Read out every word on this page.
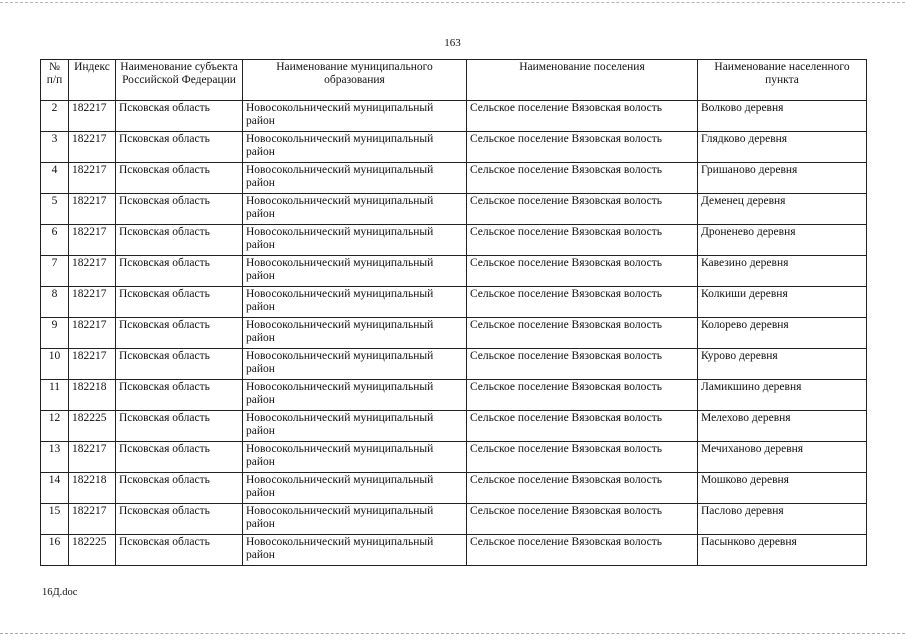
163
№ п/п	Индекс	Наименование субъекта Российской Федерации	Наименование муниципального образования	Наименование поселения	Наименование населенного пункта
2	182217	Псковская область	Новосокольнический муниципальный район	Сельское поселение Вязовская волость	Волково деревня
3	182217	Псковская область	Новосокольнический муниципальный район	Сельское поселение Вязовская волость	Глядково деревня
4	182217	Псковская область	Новосокольнический муниципальный район	Сельское поселение Вязовская волость	Гришаново деревня
5	182217	Псковская область	Новосокольнический муниципальный район	Сельское поселение Вязовская волость	Деменец деревня
6	182217	Псковская область	Новосокольнический муниципальный район	Сельское поселение Вязовская волость	Дроненево деревня
7	182217	Псковская область	Новосокольнический муниципальный район	Сельское поселение Вязовская волость	Кавезино деревня
8	182217	Псковская область	Новосокольнический муниципальный район	Сельское поселение Вязовская волость	Колкиши деревня
9	182217	Псковская область	Новосокольнический муниципальный район	Сельское поселение Вязовская волость	Колорево деревня
10	182217	Псковская область	Новосокольнический муниципальный район	Сельское поселение Вязовская волость	Курово деревня
11	182218	Псковская область	Новосокольнический муниципальный район	Сельское поселение Вязовская волость	Ламикшино деревня
12	182225	Псковская область	Новосокольнический муниципальный район	Сельское поселение Вязовская волость	Мелехово деревня
13	182217	Псковская область	Новосокольнический муниципальный район	Сельское поселение Вязовская волость	Мечиханово деревня
14	182218	Псковская область	Новосокольнический муниципальный район	Сельское поселение Вязовская волость	Мошково деревня
15	182217	Псковская область	Новосокольнический муниципальный район	Сельское поселение Вязовская волость	Паслово деревня
16	182225	Псковская область	Новосокольнический муниципальный район	Сельское поселение Вязовская волость	Пасынково деревня
16Д.doc
